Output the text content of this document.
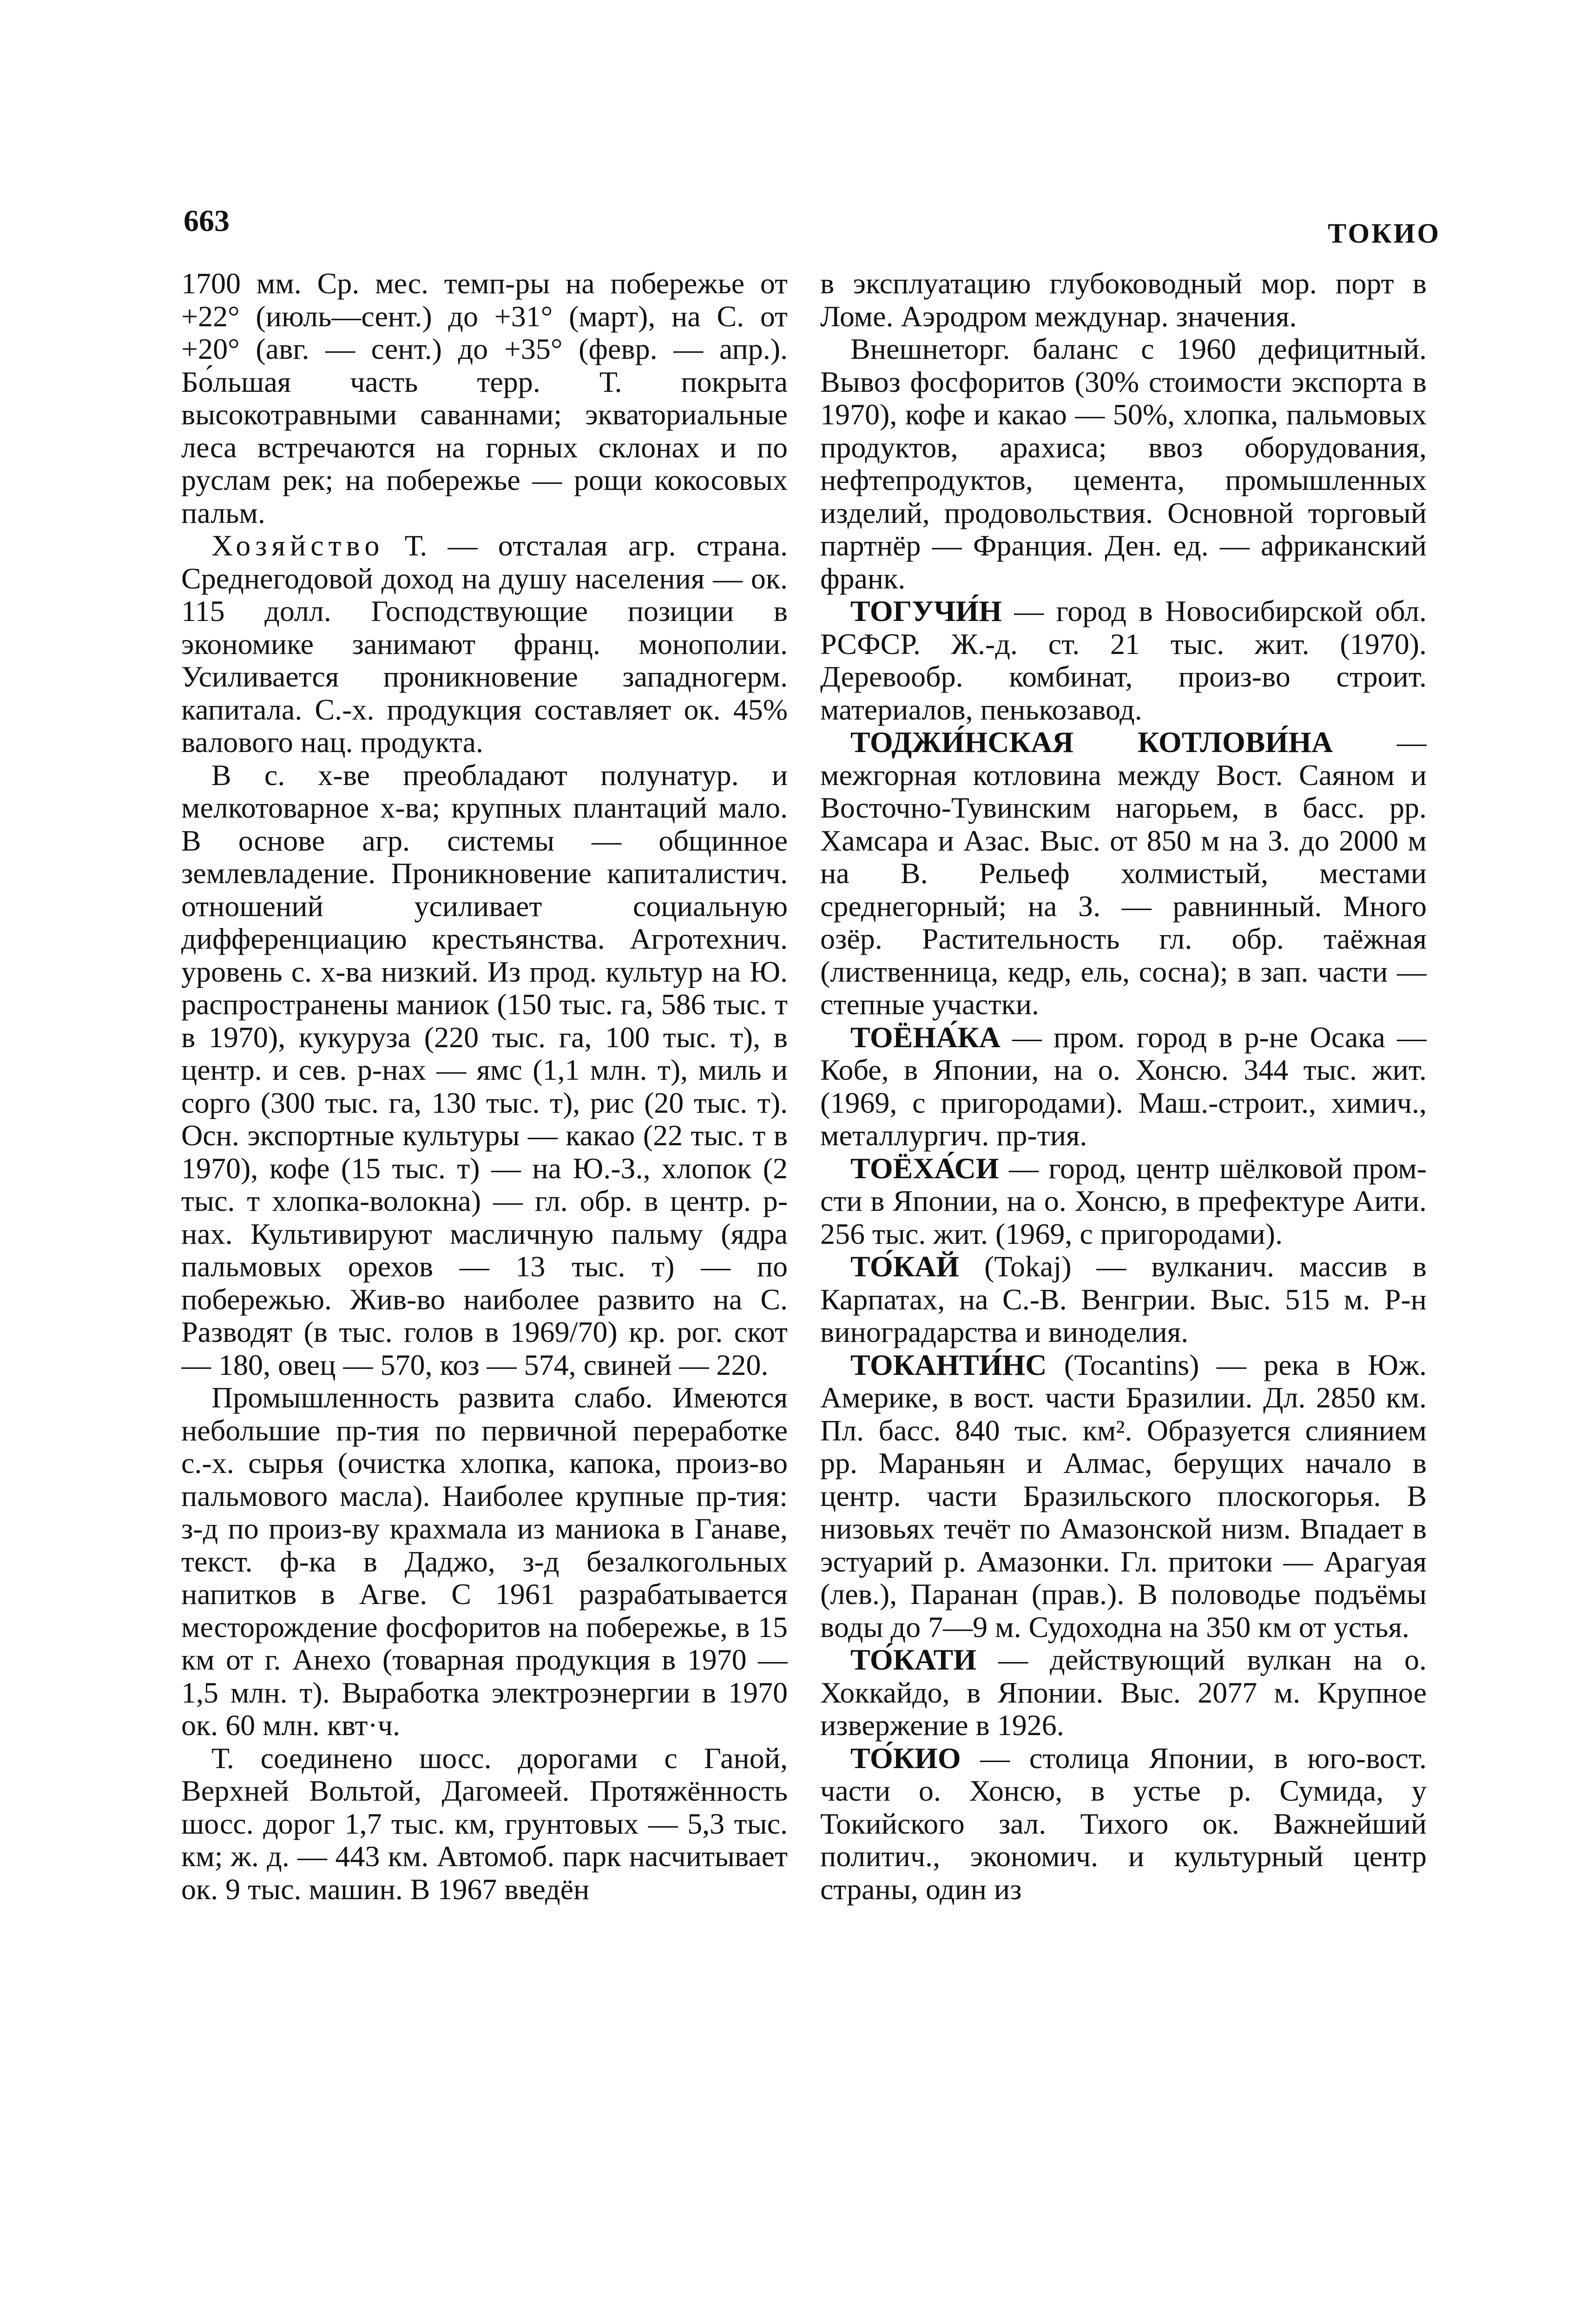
663	ТОКИО

1700 мм. Ср. мес. темп-ры на побережье от +22° (июль—сент.) до +31° (март), на С. от +20° (авг. — сент.) до +35° (февр. — апр.). Бо́льшая часть терр. Т. покрыта высокотравными саваннами; экваториальные леса встречаются на горных склонах и по руслам рек; на побережье — рощи кокосовых пальм.

Хозяйство Т. — отсталая агр. страна. Среднегодовой доход на душу населения — ок. 115 долл. Господствующие позиции в экономике занимают франц. монополии. Усиливается проникновение западногерм. капитала. С.-х. продукция составляет ок. 45% валового нац. продукта.

В с. х-ве преобладают полунатур. и мелкотоварное х-ва; крупных плантаций мало. В основе агр. системы — общинное землевладение. Проникновение капиталистич. отношений усиливает социальную дифференциацию крестьянства. Агротехнич. уровень с. х-ва низкий. Из прод. культур на Ю. распространены маниок (150 тыс. га, 586 тыс. т в 1970), кукуруза (220 тыс. га, 100 тыс. т), в центр. и сев. р-нах — ямс (1,1 млн. т), миль и сорго (300 тыс. га, 130 тыс. т), рис (20 тыс. т). Осн. экспортные культуры — какао (22 тыс. т в 1970), кофе (15 тыс. т) — на Ю.-З., хлопок (2 тыс. т хлопка-волокна) — гл. обр. в центр. р-нах. Культивируют масличную пальму (ядра пальмовых орехов — 13 тыс. т) — по побережью. Жив-во наиболее развито на С. Разводят (в тыс. голов в 1969/70) кр. рог. скот — 180, овец — 570, коз — 574, свиней — 220.

Промышленность развита слабо. Имеются небольшие пр-тия по первичной переработке с.-х. сырья (очистка хлопка, капока, произ-во пальмового масла). Наиболее крупные пр-тия: з-д по произ-ву крахмала из маниока в Ганаве, текст. ф-ка в Даджо, з-д безалкогольных напитков в Агве. С 1961 разрабатывается месторождение фосфоритов на побережье, в 15 км от г. Анехо (товарная продукция в 1970 — 1,5 млн. т). Выработка электроэнергии в 1970 ок. 60 млн. квт·ч.

Т. соединено шосс. дорогами с Ганой, Верхней Вольтой, Дагомеей. Протяжённость шосс. дорог 1,7 тыс. км, грунтовых — 5,3 тыс. км; ж. д. — 443 км. Автомоб. парк насчитывает ок. 9 тыс. машин. В 1967 введён

в эксплуатацию глубоководный мор. порт в Ломе. Аэродром междунар. значения.

Внешнеторг. баланс с 1960 дефицитный. Вывоз фосфоритов (30% стоимости экспорта в 1970), кофе и какао — 50%, хлопка, пальмовых продуктов, арахиса; ввоз оборудования, нефтепродуктов, цемента, промышленных изделий, продовольствия. Основной торговый партнёр — Франция. Ден. ед. — африканский франк.

ТОГУЧИ́Н — город в Новосибирской обл. РСФСР. Ж.-д. ст. 21 тыс. жит. (1970). Деревообр. комбинат, произ-во строит. материалов, пенькозавод.

ТОДЖИ́НСКАЯ КОТЛОВИ́НА — межгорная котловина между Вост. Саяном и Восточно-Тувинским нагорьем, в басс. рр. Хамсара и Азас. Выс. от 850 м на З. до 2000 м на В. Рельеф холмистый, местами среднегорный; на З. — равнинный. Много озёр. Растительность гл. обр. таёжная (лиственница, кедр, ель, сосна); в зап. части — степные участки.

ТОЁНА́КА — пром. город в р-не Осака — Кобе, в Японии, на о. Хонсю. 344 тыс. жит. (1969, с пригородами). Маш.-строит., химич., металлургич. пр-тия.

ТОЁХА́СИ — город, центр шёлковой пром-сти в Японии, на о. Хонсю, в префектуре Аити. 256 тыс. жит. (1969, с пригородами).

ТО́КАЙ (Tokaj) — вулканич. массив в Карпатах, на С.-В. Венгрии. Выс. 515 м. Р-н виноградарства и виноделия.

ТОКАНТИ́НС (Tocantins) — река в Юж. Америке, в вост. части Бразилии. Дл. 2850 км. Пл. басс. 840 тыс. км². Образуется слиянием рр. Мараньян и Алмас, берущих начало в центр. части Бразильского плоскогорья. В низовьях течёт по Амазонской низм. Впадает в эстуарий р. Амазонки. Гл. притоки — Арагуая (лев.), Паранан (прав.). В половодье подъёмы воды до 7—9 м. Судоходна на 350 км от устья.

ТО́КАТИ — действующий вулкан на о. Хоккайдо, в Японии. Выс. 2077 м. Крупное извержение в 1926.

ТО́КИО — столица Японии, в юго-вост. части о. Хонсю, в устье р. Сумида, у Токийского зал. Тихого ок. Важнейший политич., экономич. и культурный центр страны, один из
